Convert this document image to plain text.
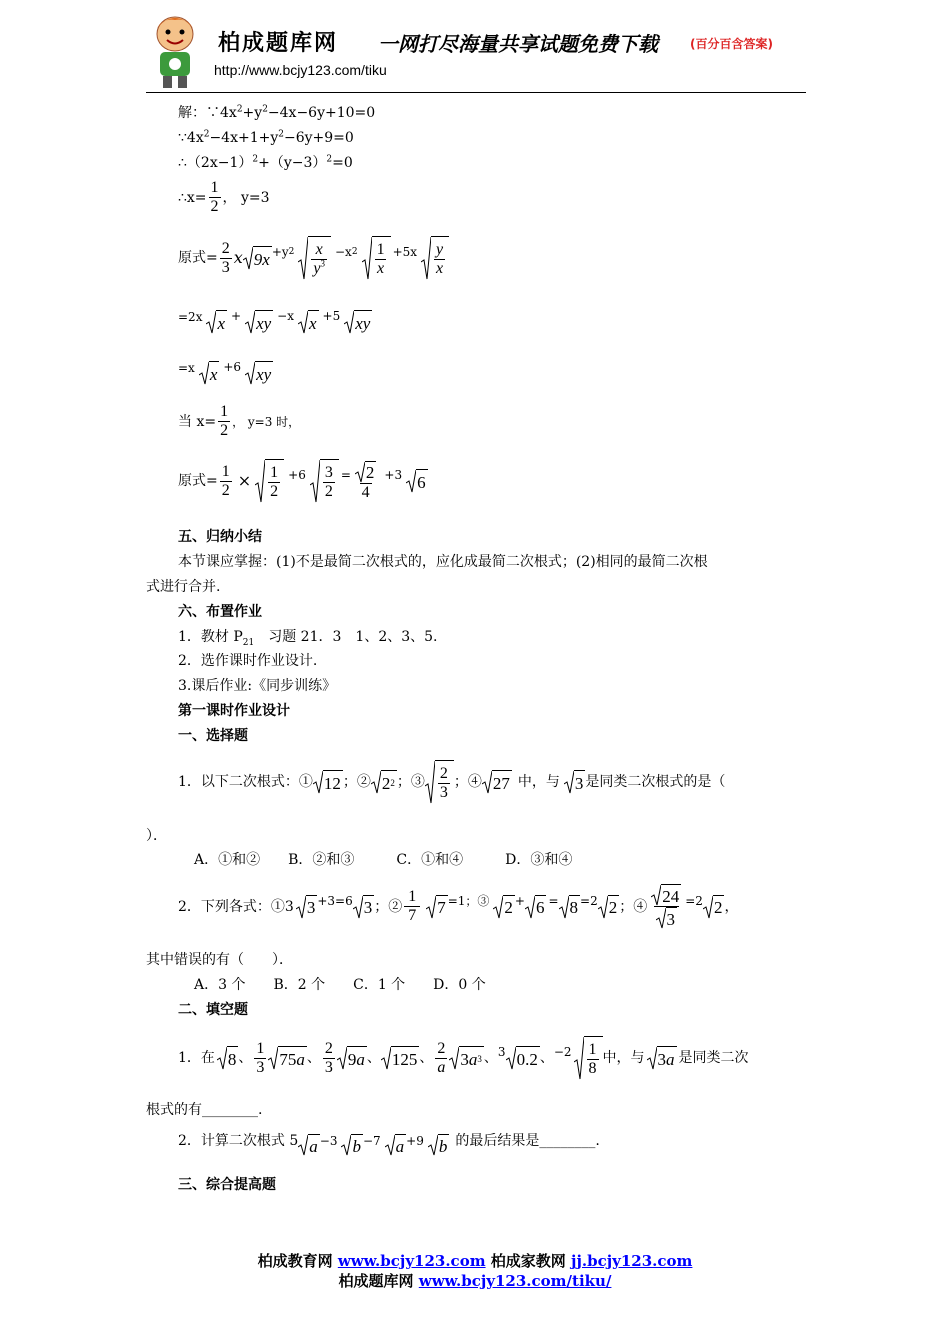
柏成题库网 一网打尽海量共享试题免费下载	(百分百含答案)
http://www.bcjy123.com/tiku
解：$\because 4x^2+y^2-4x-6y+10=0$
$\because 4x^2-4x+1+y^2-6y+9=0$
$\therefore(2x-1)^2+(y-3)^2=0$
∴x= $\frac{1}{2}$ ， y=3
原式= $\frac{2}{3}$ x 9x +y $2 \frac{x}{y^3} -x$ $2 \frac{1}{x} +5x \frac{y}{x}$
=2x x + xy −x x +5 xy
=x x +6 xy
当 $x= \frac{1}{2}$ ， y=3 时，
原式= $\frac{1}{2} \times \frac{1}{2} +6 \frac{3}{2} = \frac{2}{4} +3$ 6
五、归纳小结
本节课应掌握：(1)不是最简二次根式的，应化成最简二次根式；(2)相同的最简二次根
式进行合并.
六、布置作业
1．教材 $P_{21}$　习题 21．3　1、2、3、5.
2．选作课时作业设计.
3.课后作业:《同步训练》
第一课时作业设计
一、选择题
1．以下二次根式：① 12 ；② 2 2 ；③ $\frac{2}{3}$ ；④ 27 中，与 3 是同类二次根式的是（
）．
A．①和②　　B．②和③　　　C．①和④　　　D．③和④
2．下列各式：①3 3 +3=6 3 ；② $\frac{1}{7} 7 =1$；③ 2 + 6 = 8 =2 2 ；④ $\frac{24}{3} =2$ 2 ，
其中错误的有（　　）．
A．3 个　　B．2 个　　C．1 个　　D．0 个
二、填空题
1．在 8 、 $\frac{1}{3} 75$ a 、 $\frac{2}{3} 9$ a 、 125 、 $\frac{2}{a} 3$ a 3 、 3 0.2 、 $-2 \frac{1}{8}$ 中，与 3 a 是同类二次
根式的有________.
2．计算二次根式 5 a −3 b −7 a +9 b 的最后结果是________.
三、综合提高题
柏成教育网 www.bcjy123.com 柏成家教网 jj.bcjy123.com
柏成题库网 www.bcjy123.com/tiku/
